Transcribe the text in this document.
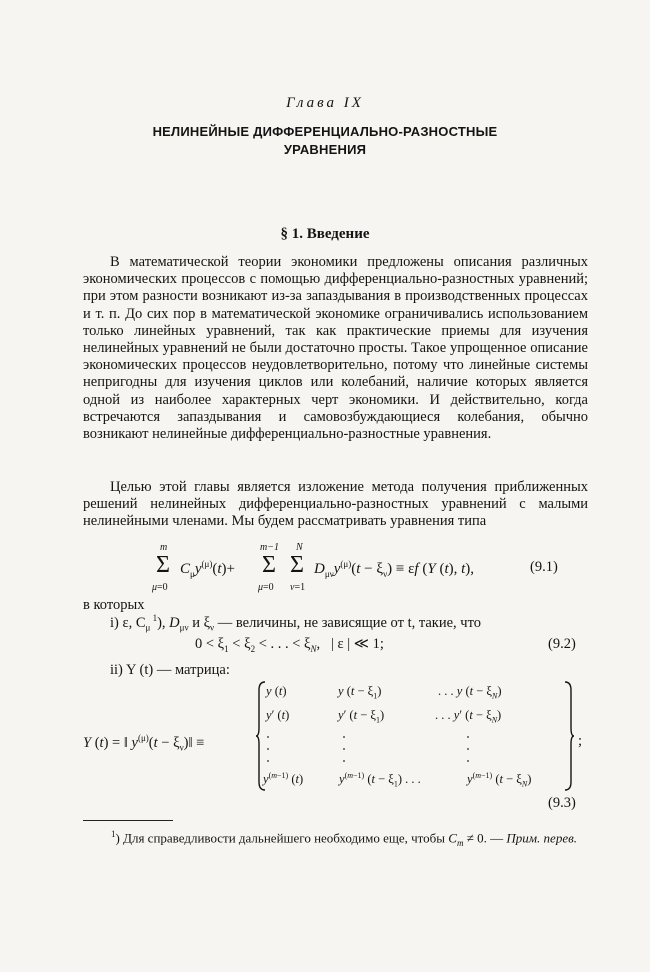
Глава IX
НЕЛИНЕЙНЫЕ ДИФФЕРЕНЦИАЛЬНО-РАЗНОСТНЫЕ
УРАВНЕНИЯ
§ 1. Введение

В математической теории экономики предложены описания различных экономических процессов с помощью дифференциально-разностных уравнений; при этом разности возникают из-за запаздывания в производственных процессах и т. п. До сих пор в математической экономике ограничивались использованием только линейных уравнений, так как практические приемы для изучения нелинейных уравнений не были достаточно просты. Такое упрощенное описание экономических процессов неудовлетворительно, потому что линейные системы непригодны для изучения циклов или колебаний, наличие которых является одной из наиболее характерных черт экономики. И действительно, когда встречаются запаздывания и самовозбуждающиеся колебания, обычно возникают нелинейные дифференциально-разностные уравнения.

Целью этой главы является изложение метода получения приближенных решений нелинейных дифференциально-разностных уравнений с малыми нелинейными членами. Мы будем рассматривать уравнения типа

Σ
m
μ=0
$C_\mu y^{(\mu)}(t)+ \Sigma$
m−1
μ=0
Σ
N
ν=1
$D_{\mu\nu}y^{(\mu)}(t - \xi_\nu) \equiv \varepsilon f$ (Y (t), t),	(9.1)
в которых
i) ε, $C_\mu$ $^1$), $D_{\mu\nu}$ и $\xi_\nu$ — величины, не зависящие от t, такие, что
$0 < \xi_1 < \xi_2$ < . . . < $\xi_N$,   | ε | ≪ 1;	(9.2)
ii) Y (t) — матрица:
Y (t) = ‖ $y^{(\mu)}(t$ − $\xi_\nu)‖$ ≡
y (t)	y $(t - \xi_1)$	. . . y $(t - \xi_N)$
y′ (t)	y′ $(t - \xi_1)$	. . . y′ $(t - \xi_N)$
$y^{(m-1)}$ (t)	$y^{(m-1)}$ $(t - \xi_1)$ . . .	$y^{(m-1)}$ $(t - \xi_N)$
;
(9.3)
$^1$) Для справедливости дальнейшего необходимо еще, чтобы $C_m \ne 0$. — Прим. перев.
